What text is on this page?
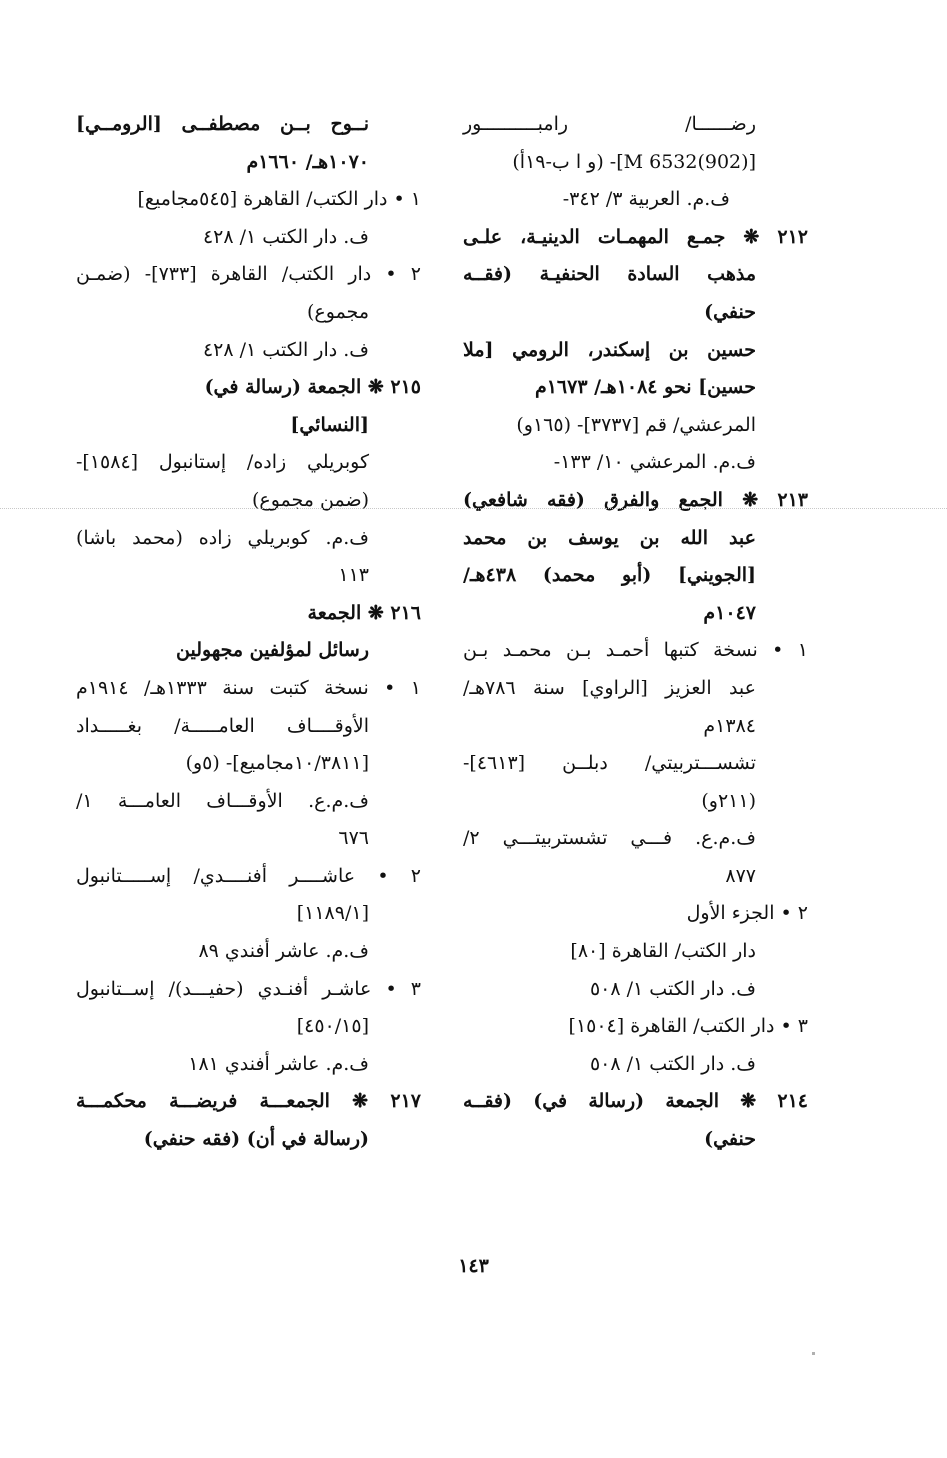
رضــــــا/ رامبــــــــــور
[M 6532(902)]- (و ا ب-١٩أ)
ف.م. العربية ٣/ ٣٤٢-
٢١٢ ❋ جمـع المهمـات الدينيـة، علـى
مذهب السادة الحنفيـة (فقــه
حنفي)
حسين بن إسكندر، الرومي [ملا
حسين] نحو ١٠٨٤هـ/ ١٦٧٣م
المرعشي/ قم [٣٧٣٧]- (١٦٥و)
ف.م. المرعشي ١٠/ ١٣٣-
٢١٣ ❋ الجمع والفرق (فقه شافعي)
عبد الله بن يوسف بن محمد
[الجويني] (أبو محمد) ٤٣٨هـ/
١٠٤٧م
١ • نسخة كتبها أحمـد بـن محمـد بـن
عبد العزيز [الراوي] سنة ٧٨٦هـ/
١٣٨٤م
تشســـتربيتي/ دبلــن [٤٦١٣]-
(٢١١و)
ف.م.ع. فـــي تشستربيتـــي ٢/
٨٧٧
٢ • الجزء الأول
دار الكتب/ القاهرة [٨٠]
ف. دار الكتب ١/ ٥٠٨
٣ • دار الكتب/ القاهرة [١٥٠٤]
ف. دار الكتب ١/ ٥٠٨
٢١٤ ❋ الجمعة (رسالة في) (فقــه
حنفي)
نــوح بــن مصطفــى [الرومــي]
١٠٧٠هـ/ ١٦٦٠م
١ • دار الكتب/ القاهرة [٥٤٥مجاميع]
ف. دار الكتب ١/ ٤٢٨
٢ • دار الكتب/ القاهرة [٧٣٣]- (ضمـن
مجموع)
ف. دار الكتب ١/ ٤٢٨
٢١٥ ❋ الجمعة (رسالة في)
[النسائي]
كوبريلي زاده/ إستانبول [١٥٨٤]-
(ضمن مجموع)
ف.م. كوبريلي زاده (محمد باشا)
١١٣
٢١٦ ❋ الجمعة
رسائل لمؤلفين مجهولين
١ • نسخة كتبت سنة ١٣٣٣هـ/ ١٩١٤م
الأوقــــاف العامـــــة/ بغـــــداد
[١٠/٣٨١١مجاميع]- (٥و)
ف.م.ع. الأوقـــاف العامـــة ١/
٦٧٦
٢ • عاشــــر أفنــــدي/ إســـــتانبول
[١١٨٩/١]
ف.م. عاشر أفندي ٨٩
٣ • عاشـر أفنـدي (حفيـــد)/ إســتانبول
[٤٥٠/١٥]
ف.م. عاشر أفندي ١٨١
٢١٧ ❋ الجمعـــة فريضـــة محكمـــة
(رسالة في أن) (فقه حنفي)
١٤٣
